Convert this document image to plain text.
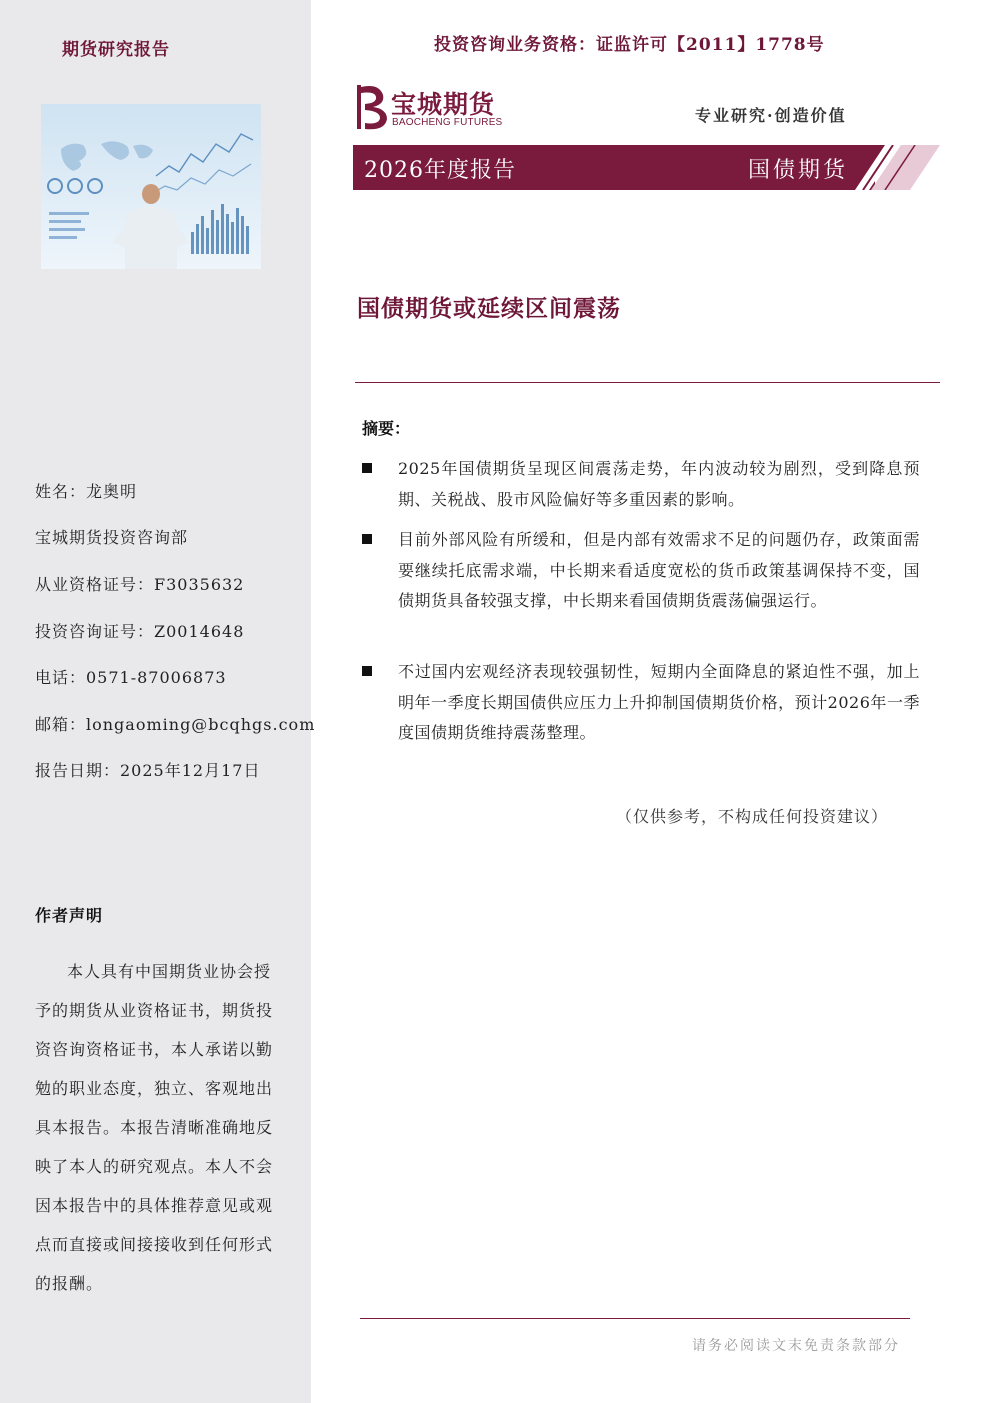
期货研究报告
姓名：龙奥明
宝城期货投资咨询部
从业资格证号：F3035632
投资咨询证号：Z0014648
电话：0571-87006873
邮箱：longaoming@bcqhgs.com
报告日期：2025年12月17日
作者声明
本人具有中国期货业协会授予的期货从业资格证书，期货投资咨询资格证书，本人承诺以勤勉的职业态度，独立、客观地出具本报告。本报告清晰准确地反映了本人的研究观点。本人不会因本报告中的具体推荐意见或观点而直接或间接接收到任何形式的报酬。
投资咨询业务资格：证监许可【2011】1778号
宝城期货
BAOCHENG FUTURES	专业研究·创造价值
2026年度报告	国债期货
国债期货或延续区间震荡
摘要：
2025年国债期货呈现区间震荡走势，年内波动较为剧烈，受到降息预期、关税战、股市风险偏好等多重因素的影响。
目前外部风险有所缓和，但是内部有效需求不足的问题仍存，政策面需要继续托底需求端，中长期来看适度宽松的货币政策基调保持不变，国债期货具备较强支撑，中长期来看国债期货震荡偏强运行。
不过国内宏观经济表现较强韧性，短期内全面降息的紧迫性不强，加上明年一季度长期国债供应压力上升抑制国债期货价格，预计2026年一季度国债期货维持震荡整理。
（仅供参考，不构成任何投资建议）
请务必阅读文末免责条款部分
